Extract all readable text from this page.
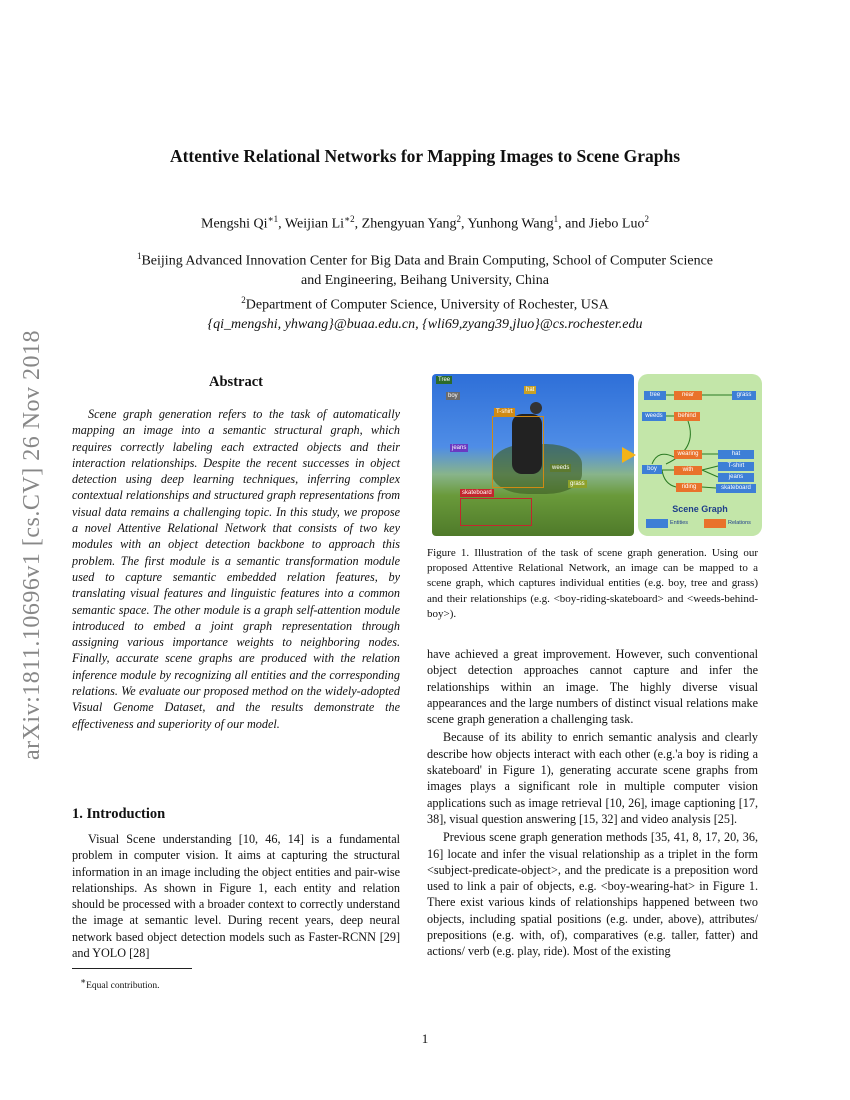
arXiv:1811.10696v1 [cs.CV] 26 Nov 2018
Attentive Relational Networks for Mapping Images to Scene Graphs
Mengshi $Qi^{∗1}$, Weijian $Li^{∗2}$, Zhengyuan Yang$^2$, Yunhong Wang$^1$, and Jiebo Luo$^2$

$^1$Beijing Advanced Innovation Center for Big Data and Brain Computing, School of Computer Science

and Engineering, Beihang University, China

$^2$Department of Computer Science, University of Rochester, USA

{qi_mengshi, yhwang}@buaa.edu.cn, {wli69,zyang39,jluo}@cs.rochester.edu

Abstract

Scene graph generation refers to the task of automatically mapping an image into a semantic structural graph, which requires correctly labeling each extracted objects and their interaction relationships. Despite the recent successes in object detection using deep learning techniques, inferring complex contextual relationships and structured graph representations from visual data remains a challenging topic. In this study, we propose a novel Attentive Relational Network that consists of two key modules with an object detection backbone to approach this problem. The first module is a semantic transformation module used to capture semantic embedded relation features, by translating visual features and linguistic features into a common semantic space. The other module is a graph self-attention module introduced to embed a joint graph representation through assigning various importance weights to neighboring nodes. Finally, accurate scene graphs are produced with the relation inference module by recognizing all entities and the corresponding relations. We evaluate our proposed method on the widely-adopted Visual Genome Dataset, and the results demonstrate the effectiveness and superiority of our model.

1. Introduction

Visual Scene understanding [10, 46, 14] is a fundamental problem in computer vision. It aims at capturing the structural information in an image including the object entities and pair-wise relationships. As shown in Figure 1, each entity and relation should be processed with a broader context to correctly understand the image at semantic level. During recent years, deep neural network based object detection models such as Faster-RCNN [29] and YOLO [28]

∗Equal contribution.
Tree
boy
hat
T-shirt
jeans
weeds
grass
skateboard
tree	near	grass
weeds	behind
boy
wearing
with
riding
hat
T-shirt
jeans
skateboard
Scene Graph
Entities	Relations
Figure 1. Illustration of the task of scene graph generation. Using our proposed Attentive Relational Network, an image can be mapped to a scene graph, which captures individual entities (e.g. boy, tree and grass) and their relationships (e.g. <boy-riding-skateboard> and <weeds-behind-boy>).

have achieved a great improvement. However, such conventional object detection approaches cannot capture and infer the relationships within an image. The highly diverse visual appearances and the large numbers of distinct visual relations make scene graph generation a challenging task.

Because of its ability to enrich semantic analysis and clearly describe how objects interact with each other (e.g.'a boy is riding a skateboard' in Figure 1), generating accurate scene graphs from images plays a significant role in multiple computer vision applications such as image retrieval [10, 26], image captioning [17, 38], visual question answering [15, 32] and video analysis [25].

Previous scene graph generation methods [35, 41, 8, 17, 20, 36, 16] locate and infer the visual relationship as a triplet in the form <subject-predicate-object>, and the predicate is a preposition word used to link a pair of objects, e.g. <boy-wearing-hat> in Figure 1. There exist various kinds of relationships happened between two objects, including spatial positions (e.g. under, above), attributes/ prepositions (e.g. with, of), comparatives (e.g. taller, fatter) and actions/ verb (e.g. play, ride). Most of the existing

1
